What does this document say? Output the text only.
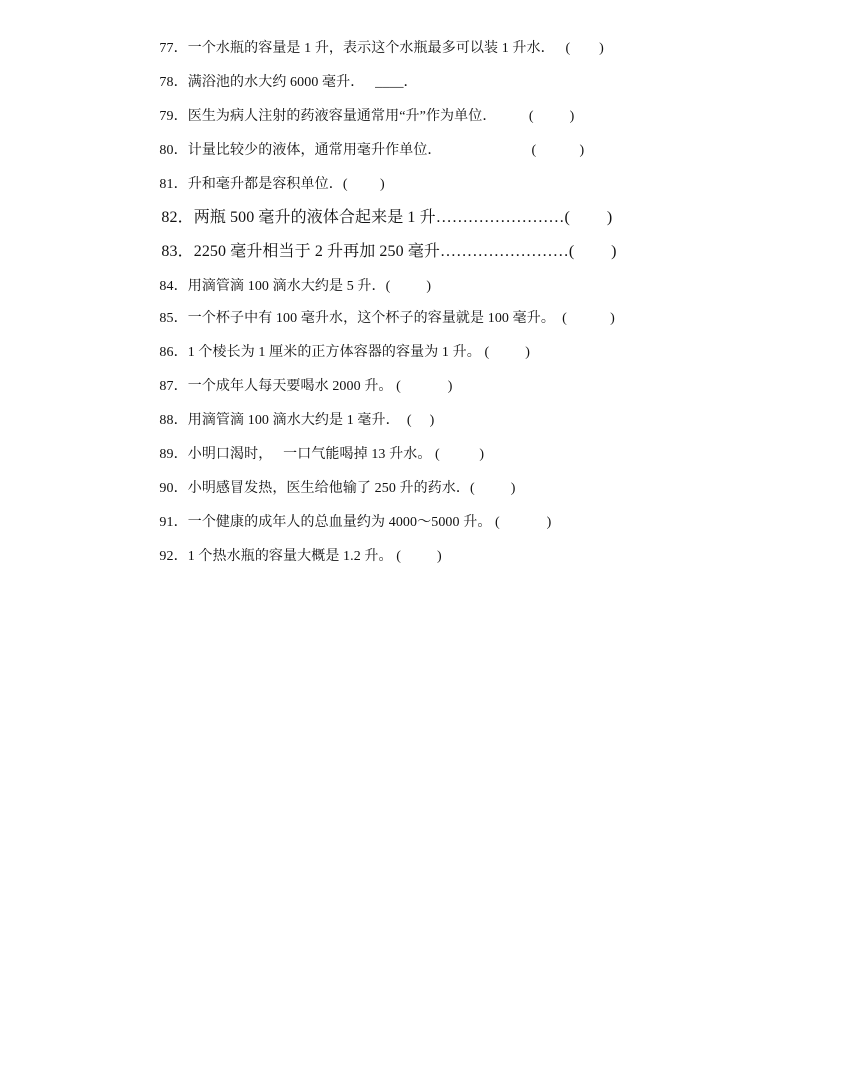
77．一个水瓶的容量是 1 升，表示这个水瓶最多可以装 1 升水． (        )

78．满浴池的水大约 6000 毫升． ____．

79．医生为病人注射的药液容量通常用“升”作为单位． (          )

80．计量比较少的液体，通常用毫升作单位．	(            )

81．升和毫升都是容积单位．(         )

82．两瓶 500 毫升的液体合起来是 1 升……………………(         )

83．2250 毫升相当于 2 升再加 250 毫升……………………(         )

84．用滴管滴 100 滴水大约是 5 升．(          )

85．一个杯子中有 100 毫升水，这个杯子的容量就是 100 毫升。 (            )

86．1 个棱长为 1 厘米的正方体容器的容量为 1 升。 (          )

87．一个成年人每天要喝水 2000 升。 (             )

88．用滴管滴 100 滴水大约是 1 毫升． (     )

89．小明口渴时，   一口气能喝掉 13 升水。 (           )

90．小明感冒发热，医生给他输了 250 升的药水．(          )

91．一个健康的成年人的总血量约为 4000～5000 升。 (             )

92．1 个热水瓶的容量大概是 1.2 升。 (          )
